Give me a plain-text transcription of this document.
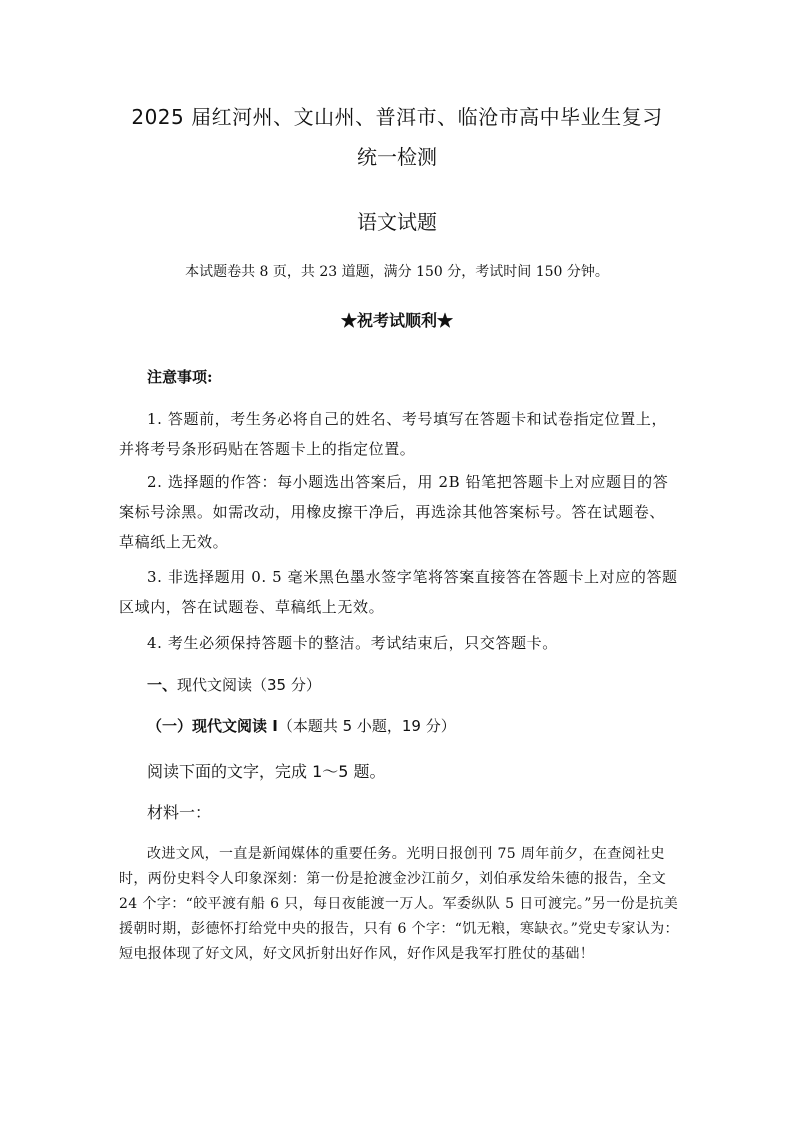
2025 届红河州、文山州、普洱市、临沧市高中毕业生复习
统一检测
语文试题
本试题卷共 8 页，共 23 道题，满分 150 分，考试时间 150 分钟。
★祝考试顺利★
注意事项:

1. 答题前，考生务必将自己的姓名、考号填写在答题卡和试卷指定位置上，并将考号条形码贴在答题卡上的指定位置。

2. 选择题的作答：每小题选出答案后，用 2B 铅笔把答题卡上对应题目的答案标号涂黑。如需改动，用橡皮擦干净后，再选涂其他答案标号。答在试题卷、草稿纸上无效。

3. 非选择题用 0. 5 毫米黑色墨水签字笔将答案直接答在答题卡上对应的答题区域内，答在试题卷、草稿纸上无效。

4. 考生必须保持答题卡的整洁。考试结束后，只交答题卡。

一、现代文阅读（35 分）
（一）现代文阅读 I（本题共 5 小题，19 分）
阅读下面的文字，完成 1～5 题。
材料一：

改进文风，一直是新闻媒体的重要任务。光明日报创刊 75 周年前夕，在查阅社史时，两份史料令人印象深刻：第一份是抢渡金沙江前夕，刘伯承发给朱德的报告，全文 24 个字：“皎平渡有船 6 只，每日夜能渡一万人。军委纵队 5 日可渡完。”另一份是抗美援朝时期，彭德怀打给党中央的报告，只有 6 个字：“饥无粮，寒缺衣。”党史专家认为：短电报体现了好文风，好文风折射出好作风，好作风是我军打胜仗的基础！
